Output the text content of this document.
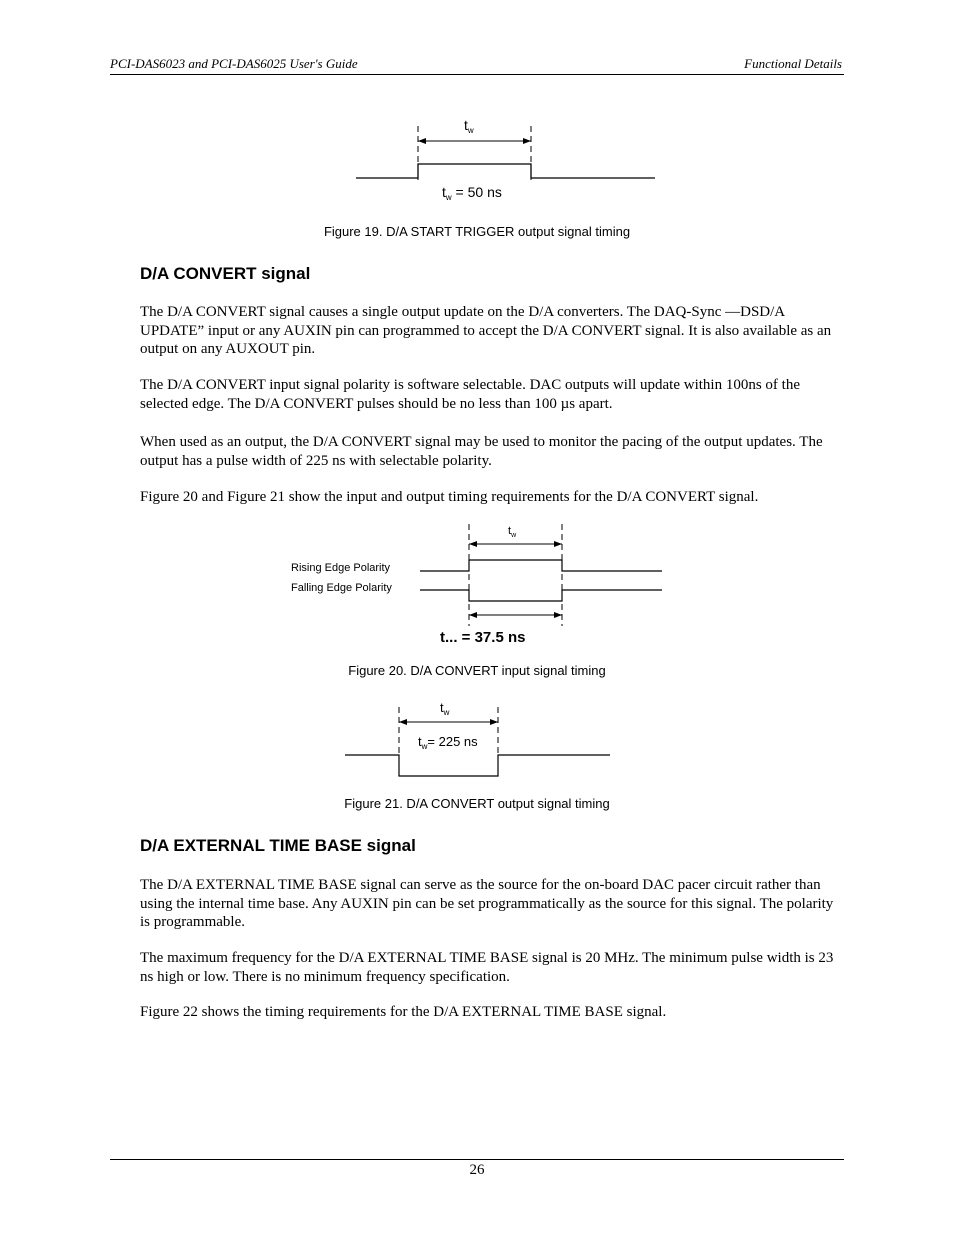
PCI-DAS6023 and PCI-DAS6025 User's Guide	Functional Details
$t_w$
$t_w = 50$ ns

Figure 19. D/A START TRIGGER output signal timing

D/A CONVERT signal

The D/A CONVERT signal causes a single output update on the D/A converters. The DAQ-Sync ―DSD/A UPDATE” input or any AUXIN pin can programmed to accept the D/A CONVERT signal. It is also available as an output on any AUXOUT pin.

The D/A CONVERT input signal polarity is software selectable. DAC outputs will update within 100ns of the selected edge. The D/A CONVERT pulses should be no less than 100 µs apart.

When used as an output, the D/A CONVERT signal may be used to monitor the pacing of the output updates. The output has a pulse width of 225 ns with selectable polarity.

Figure 20 and Figure 21 show the input and output timing requirements for the D/A CONVERT signal.

$t_w$
Rising Edge Polarity
Falling Edge Polarity
t... = 37.5 ns

Figure 20. D/A CONVERT input signal timing

$t_w$
$t_w= 225$ ns

Figure 21. D/A CONVERT output signal timing

D/A EXTERNAL TIME BASE signal

The D/A EXTERNAL TIME BASE signal can serve as the source for the on-board DAC pacer circuit rather than using the internal time base. Any AUXIN pin can be set programmatically as the source for this signal. The polarity is programmable.

The maximum frequency for the D/A EXTERNAL TIME BASE signal is 20 MHz. The minimum pulse width is 23 ns high or low. There is no minimum frequency specification.

Figure 22 shows the timing requirements for the D/A EXTERNAL TIME BASE signal.

26
